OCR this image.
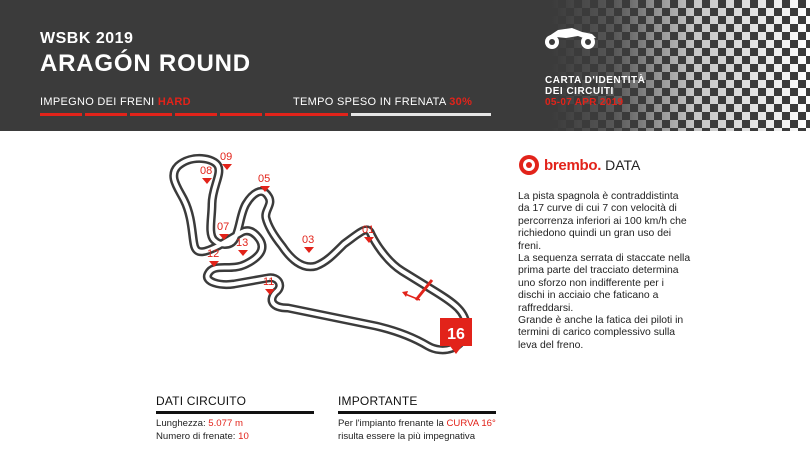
WSBK 2019
ARAGÓN ROUND
IMPEGNO DEI FRENI HARD	TEMPO SPESO IN FRENATA 30%
CARTA D'IDENTITÀ
DEI CIRCUITI
05-07 APR 2019
09
08
05
07
03
01
12
13
11
16
brembo. DATA

La pista spagnola è contraddistinta da 17 curve di cui 7 con velocità di percorrenza inferiori ai 100 km/h che richiedono quindi un gran uso dei freni.

La sequenza serrata di staccate nella prima parte del tracciato determina uno sforzo non indifferente per i dischi in acciaio che faticano a raffreddarsi.

Grande è anche la fatica dei piloti in termini di carico complessivo sulla leva del freno.

DATI CIRCUITO
Lunghezza: 5.077 m
Numero di frenate: 10
IMPORTANTE
Per l'impianto frenante la CURVA 16°
risulta essere la più impegnativa
